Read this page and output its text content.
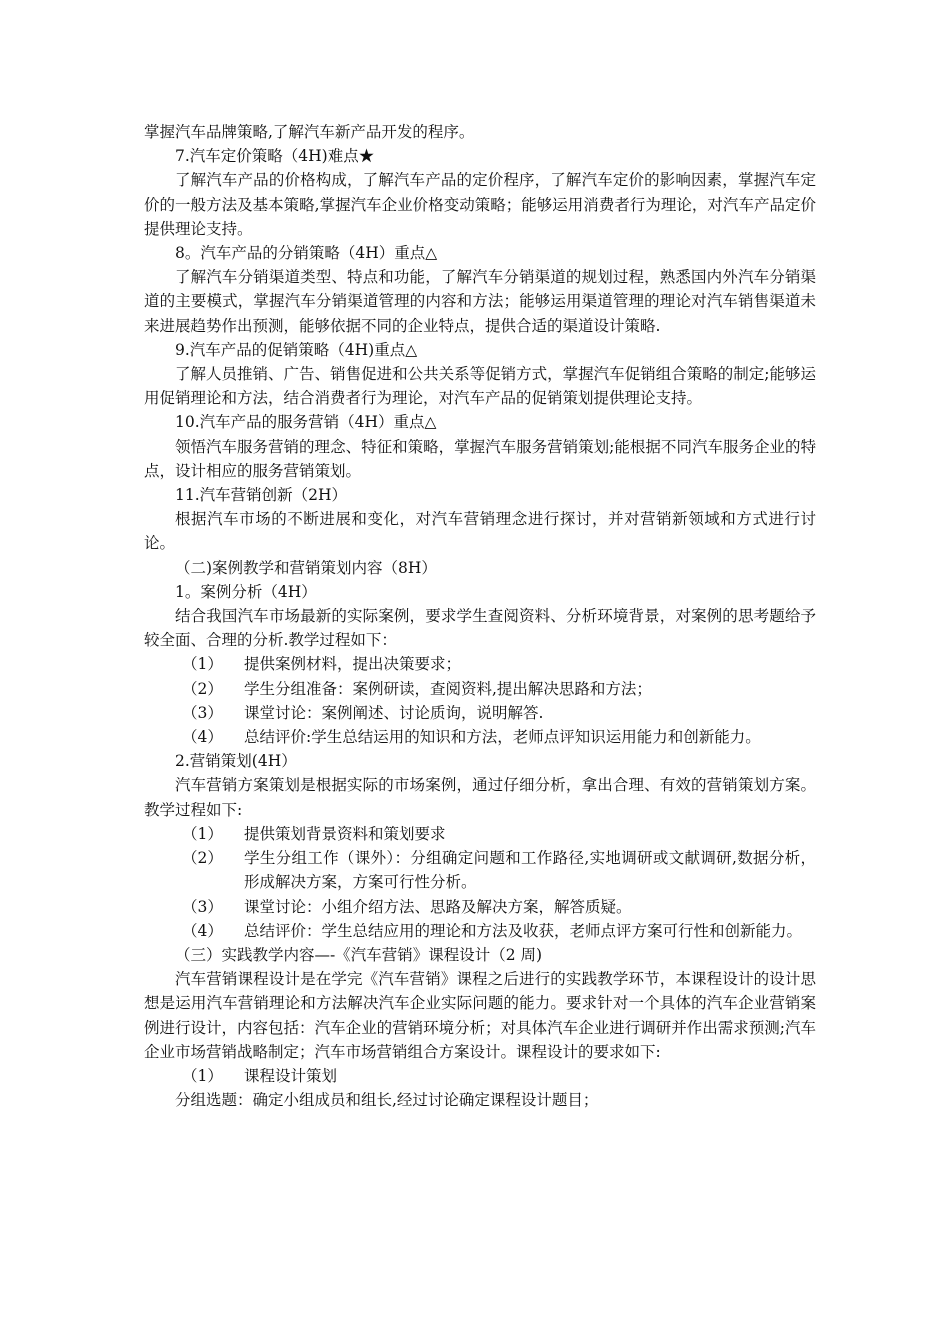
掌握汽车品牌策略,了解汽车新产品开发的程序。

7.汽车定价策略（4H)难点★

了解汽车产品的价格构成，了解汽车产品的定价程序，了解汽车定价的影响因素，掌握汽车定价的一般方法及基本策略,掌握汽车企业价格变动策略；能够运用消费者行为理论，对汽车产品定价提供理论支持。

8。汽车产品的分销策略（4H）重点△

了解汽车分销渠道类型、特点和功能，了解汽车分销渠道的规划过程，熟悉国内外汽车分销渠道的主要模式，掌握汽车分销渠道管理的内容和方法；能够运用渠道管理的理论对汽车销售渠道未来进展趋势作出预测，能够依据不同的企业特点，提供合适的渠道设计策略.

9.汽车产品的促销策略（4H)重点△

了解人员推销、广告、销售促进和公共关系等促销方式，掌握汽车促销组合策略的制定;能够运用促销理论和方法，结合消费者行为理论，对汽车产品的促销策划提供理论支持。

10.汽车产品的服务营销（4H）重点△

领悟汽车服务营销的理念、特征和策略，掌握汽车服务营销策划;能根据不同汽车服务企业的特点，设计相应的服务营销策划。

11.汽车营销创新（2H）

根据汽车市场的不断进展和变化，对汽车营销理念进行探讨，并对营销新领域和方式进行讨论。

（二)案例教学和营销策划内容（8H）

1。案例分析（4H）

结合我国汽车市场最新的实际案例，要求学生查阅资料、分析环境背景，对案例的思考题给予较全面、合理的分析.教学过程如下：

（1）	提供案例材料，提出决策要求；
（2）	学生分组准备：案例研读，查阅资料,提出解决思路和方法；
（3）	课堂讨论：案例阐述、讨论质询，说明解答.
（4）	总结评价:学生总结运用的知识和方法，老师点评知识运用能力和创新能力。

2.营销策划(4H）

汽车营销方案策划是根据实际的市场案例，通过仔细分析，拿出合理、有效的营销策划方案。教学过程如下:

（1）	提供策划背景资料和策划要求
（2）	学生分组工作（课外）：分组确定问题和工作路径,实地调研或文献调研,数据分析，形成解决方案，方案可行性分析。
（3）	课堂讨论：小组介绍方法、思路及解决方案，解答质疑。
（4）	总结评价：学生总结应用的理论和方法及收获，老师点评方案可行性和创新能力。

（三）实践教学内容—-《汽车营销》课程设计（2 周)

汽车营销课程设计是在学完《汽车营销》课程之后进行的实践教学环节，本课程设计的设计思想是运用汽车营销理论和方法解决汽车企业实际问题的能力。要求针对一个具体的汽车企业营销案例进行设计，内容包括：汽车企业的营销环境分析；对具体汽车企业进行调研并作出需求预测;汽车企业市场营销战略制定；汽车市场营销组合方案设计。课程设计的要求如下:

（1）	课程设计策划

分组选题：确定小组成员和组长,经过讨论确定课程设计题目；
